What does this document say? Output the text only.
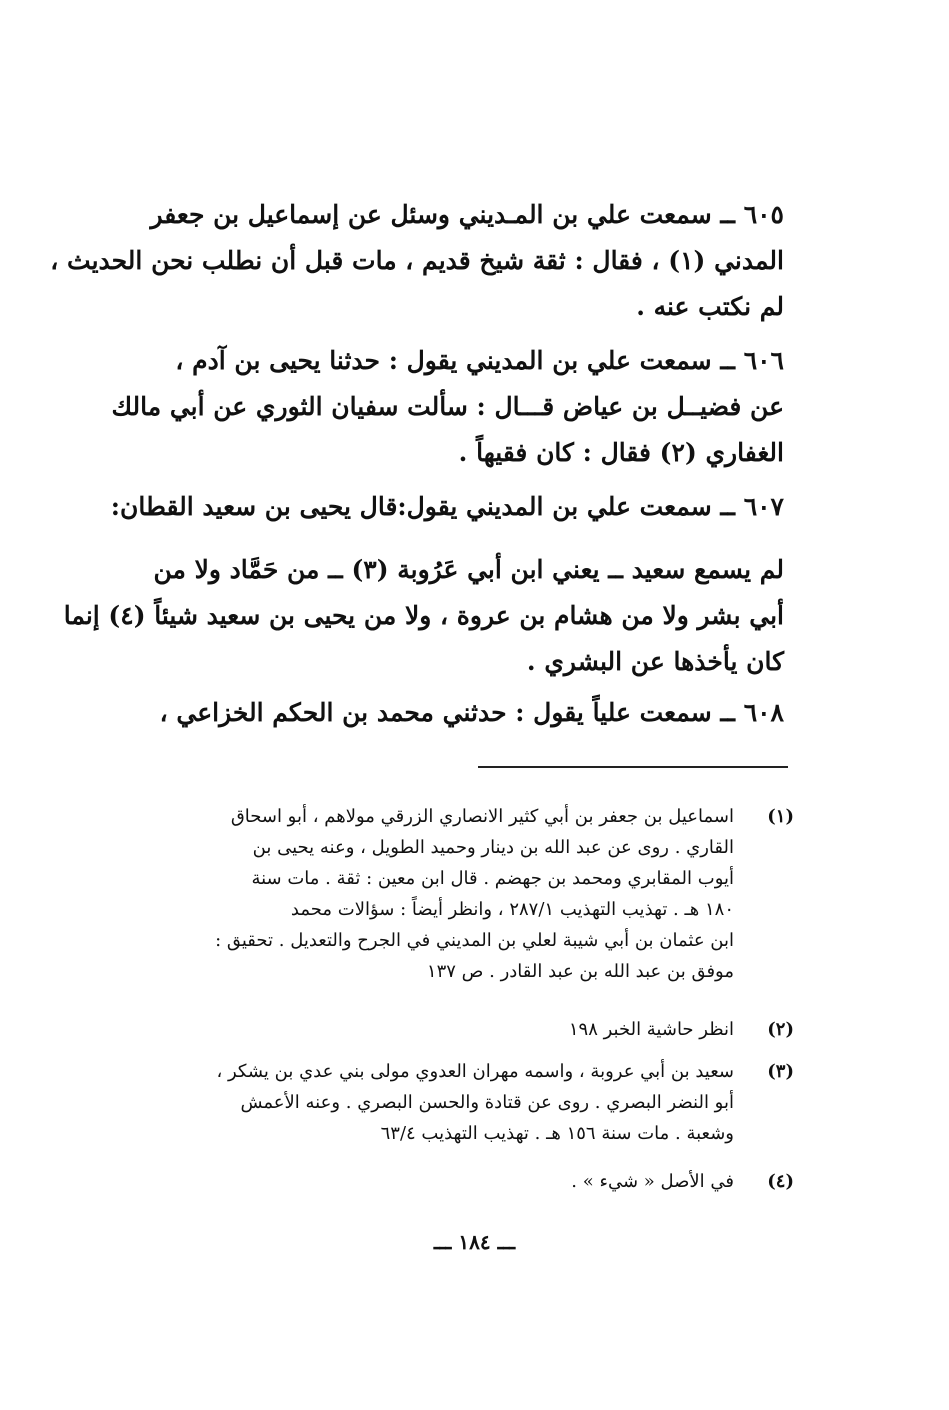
٦٠٥ ــ سمعت علي بن المـديني وسئل عن إسماعيل بن جعفر
المدني (١) ، فقال : ثقة شيخ قديم ، مات قبل أن نطلب نحن الحديث ،
لم نكتب عنه .
٦٠٦ ــ سمعت علي بن المديني يقول : حدثنا يحيى بن آدم ،
عن فضيــل بن عياض قـــال : سألت سفيان الثوري عن أبي مالك
الغفاري (٢) فقال : كان فقيهاً .
٦٠٧ ــ سمعت علي بن المديني يقول:قال يحيى بن سعيد القطان:
لم يسمع سعيد ــ يعني ابن أبي عَرُوبة (٣) ــ من حَمَّاد ولا من
أبي بشر ولا من هشام بن عروة ، ولا من يحيى بن سعيد شيئاً (٤) إنما
كان يأخذها عن البشري .
٦٠٨ ــ سمعت علياً يقول : حدثني محمد بن الحكم الخزاعي ،
(١)
اسماعيل بن جعفر بن أبي كثير الانصاري الزرقي مولاهم ، أبو اسحاق
القاري . روى عن عبد الله بن دينار وحميد الطويل ، وعنه يحيى بن
أيوب المقابري ومحمد بن جهضم . قال ابن معين : ثقة . مات سنة
١٨٠ هـ . تهذيب التهذيب ٢٨٧/١ ، وانظر أيضاً : سؤالات محمد
ابن عثمان بن أبي شيبة لعلي بن المديني في الجرح والتعديل . تحقيق :
موفق بن عبد الله بن عبد القادر . ص ١٣٧
(٢)
انظر حاشية الخبر ١٩٨
(٣)
سعيد بن أبي عروبة ، واسمه مهران العدوي مولى بني عدي بن يشكر ،
أبو النضر البصري . روى عن قتادة والحسن البصري . وعنه الأعمش
وشعبة . مات سنة ١٥٦ هـ . تهذيب التهذيب ٦٣/٤
(٤)
في الأصل « شيء » .
ـــ ١٨٤ ـــ
